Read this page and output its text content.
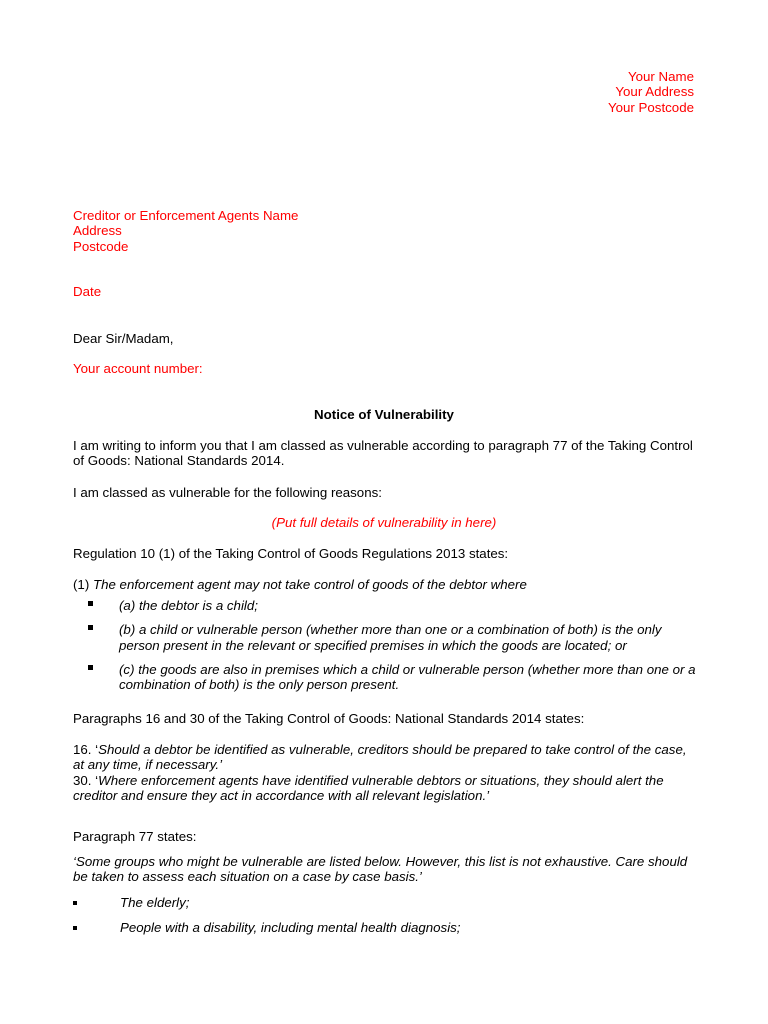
Your Name
Your Address
Your Postcode
Creditor or Enforcement Agents Name
Address
Postcode
Date
Dear Sir/Madam,
Your account number:
Notice of Vulnerability
I am writing to inform you that I am classed as vulnerable according to paragraph 77 of the Taking Control of Goods: National Standards 2014.
I am classed as vulnerable for the following reasons:
(Put full details of vulnerability in here)
Regulation 10 (1) of the Taking Control of Goods Regulations 2013 states:
(1) The enforcement agent may not take control of goods of the debtor where
(a) the debtor is a child;
(b) a child or vulnerable person (whether more than one or a combination of both) is the only person present in the relevant or specified premises in which the goods are located; or
(c) the goods are also in premises which a child or vulnerable person (whether more than one or a combination of both) is the only person present.
Paragraphs 16 and 30 of the Taking Control of Goods: National Standards 2014 states:
16. ‘Should a debtor be identified as vulnerable, creditors should be prepared to take control of the case, at any time, if necessary.’
30. ‘Where enforcement agents have identified vulnerable debtors or situations, they should alert the creditor and ensure they act in accordance with all relevant legislation.’
Paragraph 77 states:
‘Some groups who might be vulnerable are listed below. However, this list is not exhaustive. Care should be taken to assess each situation on a case by case basis.’
The elderly;
People with a disability, including mental health diagnosis;
